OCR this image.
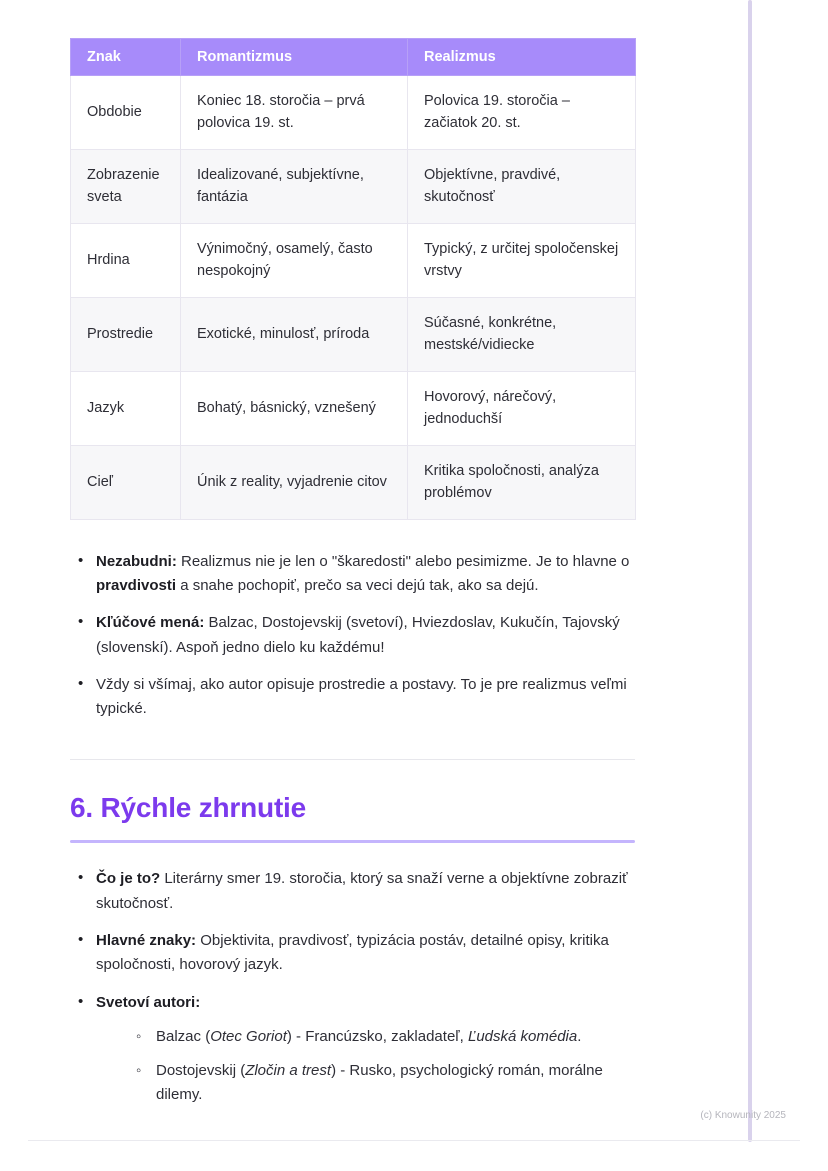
Znak	Romantizmus	Realizmus
Obdobie	Koniec 18. storočia – prvá polovica 19. st.	Polovica 19. storočia – začiatok 20. st.
Zobrazenie sveta	Idealizované, subjektívne, fantázia	Objektívne, pravdivé, skutočnosť
Hrdina	Výnimočný, osamelý, často nespokojný	Typický, z určitej spoločenskej vrstvy
Prostredie	Exotické, minulosť, príroda	Súčasné, konkrétne, mestské/vidiecke
Jazyk	Bohatý, básnický, vznešený	Hovorový, nárečový, jednoduchší
Cieľ	Únik z reality, vyjadrenie citov	Kritika spoločnosti, analýza problémov
• Nezabudni: Realizmus nie je len o "škaredosti" alebo pesimizme. Je to hlavne o pravdivosti a snahe pochopiť, prečo sa veci dejú tak, ako sa dejú.
• Kľúčové mená: Balzac, Dostojevskij (svetoví), Hviezdoslav, Kukučín, Tajovský (slovenskí). Aspoň jedno dielo ku každému!
• Vždy si všímaj, ako autor opisuje prostredie a postavy. To je pre realizmus veľmi typické.
6. Rýchle zhrnutie
• Čo je to? Literárny smer 19. storočia, ktorý sa snaží verne a objektívne zobraziť skutočnosť.
• Hlavné znaky: Objektivita, pravdivosť, typizácia postáv, detailné opisy, kritika spoločnosti, hovorový jazyk.
• Svetoví autori:
◦ Balzac (Otec Goriot) - Francúzsko, zakladateľ, Ľudská komédia.
◦ Dostojevskij (Zločin a trest) - Rusko, psychologický román, morálne dilemy.
(c) Knowunity 2025
